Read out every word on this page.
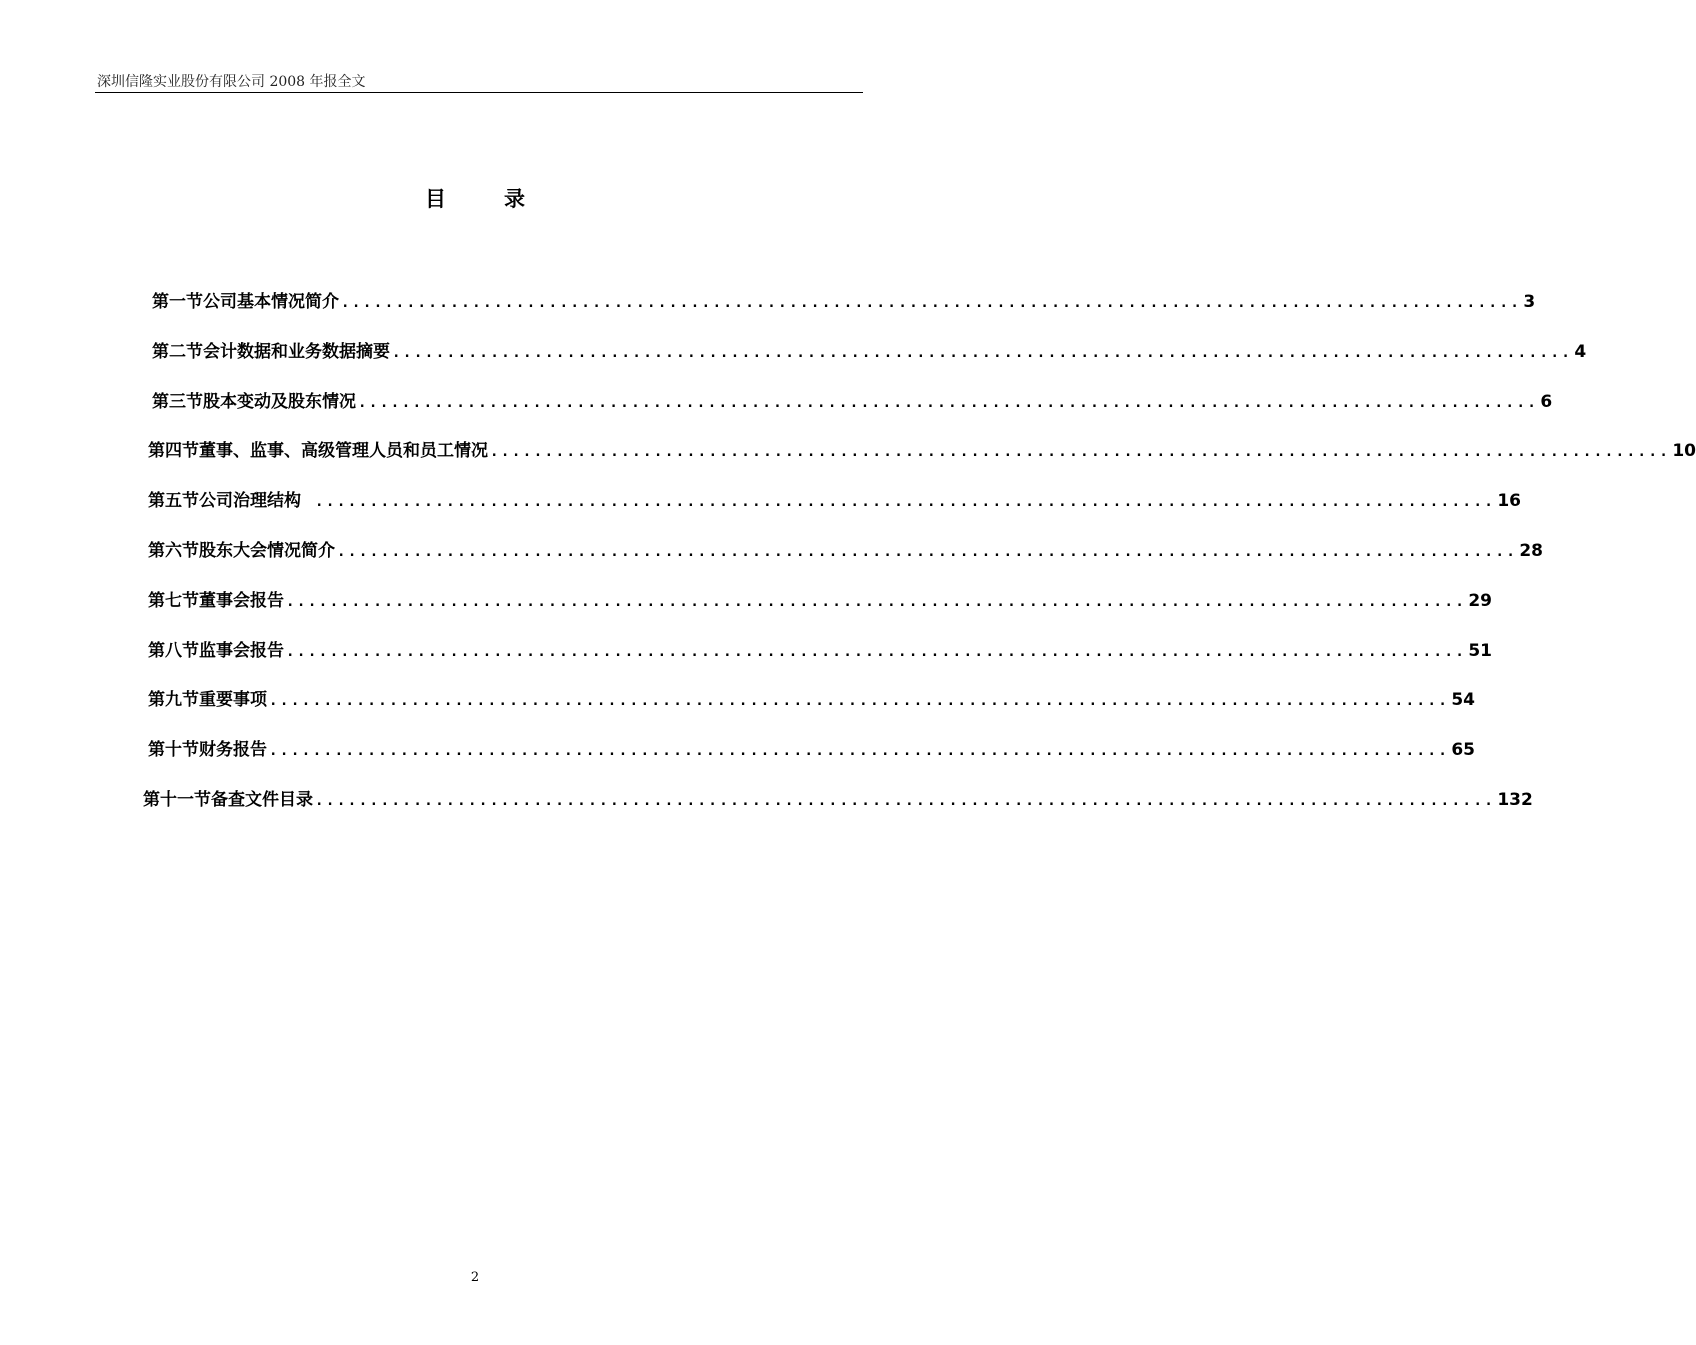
深圳信隆实业股份有限公司 2008 年报全文
目	录
第一节 公司基本情况简介 ............................................................................................................ 3
第二节 会计数据和业务数据摘要 ............................................................................................................ 4
第三节 股本变动及股东情况 ............................................................................................................ 6
第四节 董事、监事、高级管理人员和员工情况 ............................................................................................................ 10
第五节 公司治理结构	............................................................................................................ 16
第六节 股东大会情况简介 ............................................................................................................ 28
第七节 董事会报告 ............................................................................................................ 29
第八节 监事会报告 ............................................................................................................ 51
第九节 重要事项 ............................................................................................................ 54
第十节 财务报告 ............................................................................................................ 65
第十一节 备查文件目录 ............................................................................................................ 132
2
